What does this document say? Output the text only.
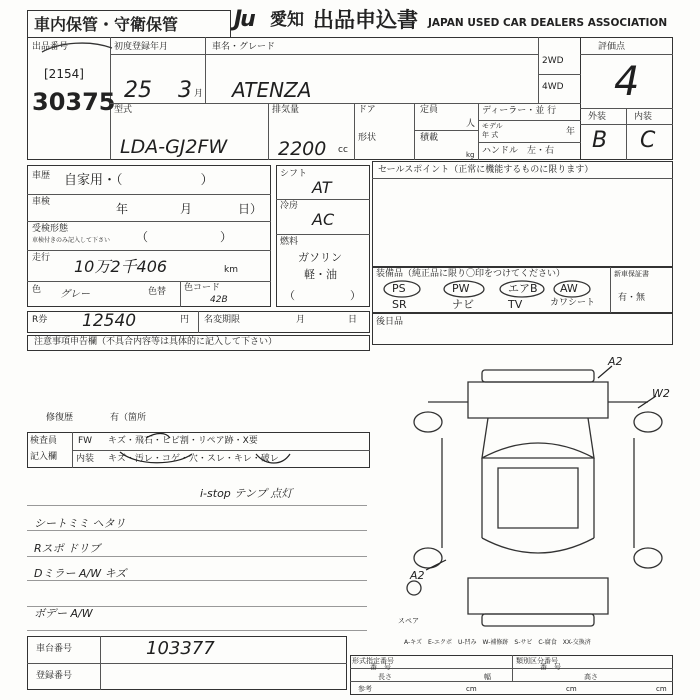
車内保管・守衛保管	Ju 愛知 出品申込書 JAPAN USED CAR DEALERS ASSOCIATION
出品番号
[2154]
30375
初度登録年月
25 3 月
車名・グレード
ATENZA
2WD
4WD
型式
LDA-GJ2FW
排気量
2200 cc
ドア
形状
定員
人
積載
kg
ディーラー・並 行
モデル
年 式	年
ハンドル　左・右
評価点
4
外装	内装
B C
車歴 自家用・（　　　　　　）
車検	年	月	日）
受検形態
車検付きのみ記入して下さい （　　　　　　）
走行 10万2千406	km
色 グレー	色替 色コード
42B
シフト
AT
冷房
AC
燃料
ガソリン
軽・油
（　　　　　）
セールスポイント（正常に機能するものに限ります）
装備品（純正品に限り〇印をつけてください）	新車保証書
有・無
PS	PW	エアB AW
SR	ナビ	TV	カワシート
R券 12540	円 名変期限	月	日 後日品
注意事項申告欄（不具合内容等は具体的に記入して下さい）
修復歴	有（箇所
検査員
記入欄
FW キズ・飛石・ヒビ割・リペア跡・X要
内装 キズ・汚レ・コゲ・穴・スレ・キレ・破レ
i-stop テンプ 点灯
シートミミ ヘタリ
Rスポ ドリブ
Dミラー A/W キズ
ボデー A/W
A2
W2
A2
スペア
A-キズ　E-エクボ　U-凹み　W-補修跡　S-サビ　C-腐食　XX-交換済
車台番号	103377
登録番号
形式指定番号
番　号
類別区分番号
番　号
参考
長さ
cm
幅
cm
高さ
cm
